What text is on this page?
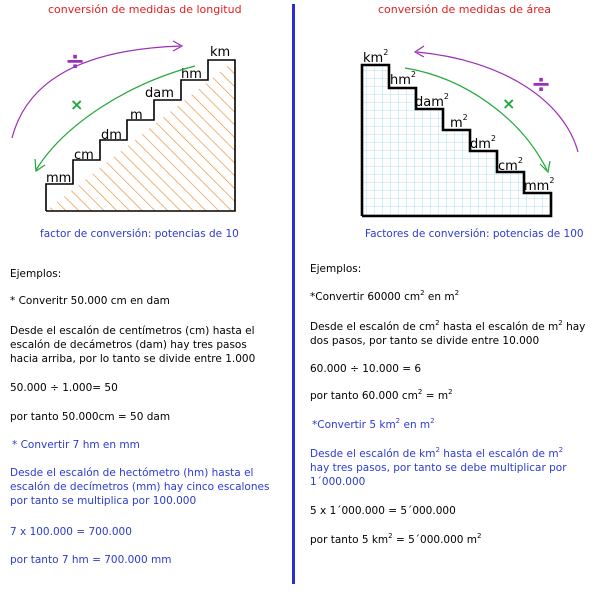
conversión de medidas de longitud
mm
cm
dm
m
dam
hm
km
÷
×
factor de conversión: potencias de 10
Ejemplos:
* Converitr 50.000 cm en dam
Desde el escalón de centímetros (cm) hasta el escalón de decámetros (dam) hay tres pasos hacia arriba, por lo tanto se divide entre 1.000
50.000 ÷ 1.000= 50
por tanto 50.000cm = 50 dam
* Convertir 7 hm en mm
Desde el escalón de hectómetro (hm) hasta el escalón de decímetros (mm) hay cinco escalones por tanto se multiplica por 100.000
7 x 100.000 = 700.000
por tanto 7 hm = 700.000 mm
conversión de medidas de área
$km^2$
$hm^2$
dam$^2$
$m^2$
$dm^2$
$cm^2$
$mm^2$
÷
×
Factores de conversión: potencias de 100
Ejemplos:
*Convertir 60000 $cm^2$ en $m^2$
Desde el escalón de $cm^2$ hasta el escalón de $m^2$ hay
dos pasos, por tanto se divide entre 10.000
60.000 ÷ 10.000 = 6
por tanto 60.000 $cm^2 = m^2$
*Convertir 5 $km^2$ en $m^2$
Desde el escalón de $km^2$ hasta el escalón de $m^2$
hay tres pasos, por tanto se debe multiplicar por
1´000.000
5 x 1´000.000 = 5´000.000
por tanto 5 $km^2$ = 5´000.000 $m^2$
